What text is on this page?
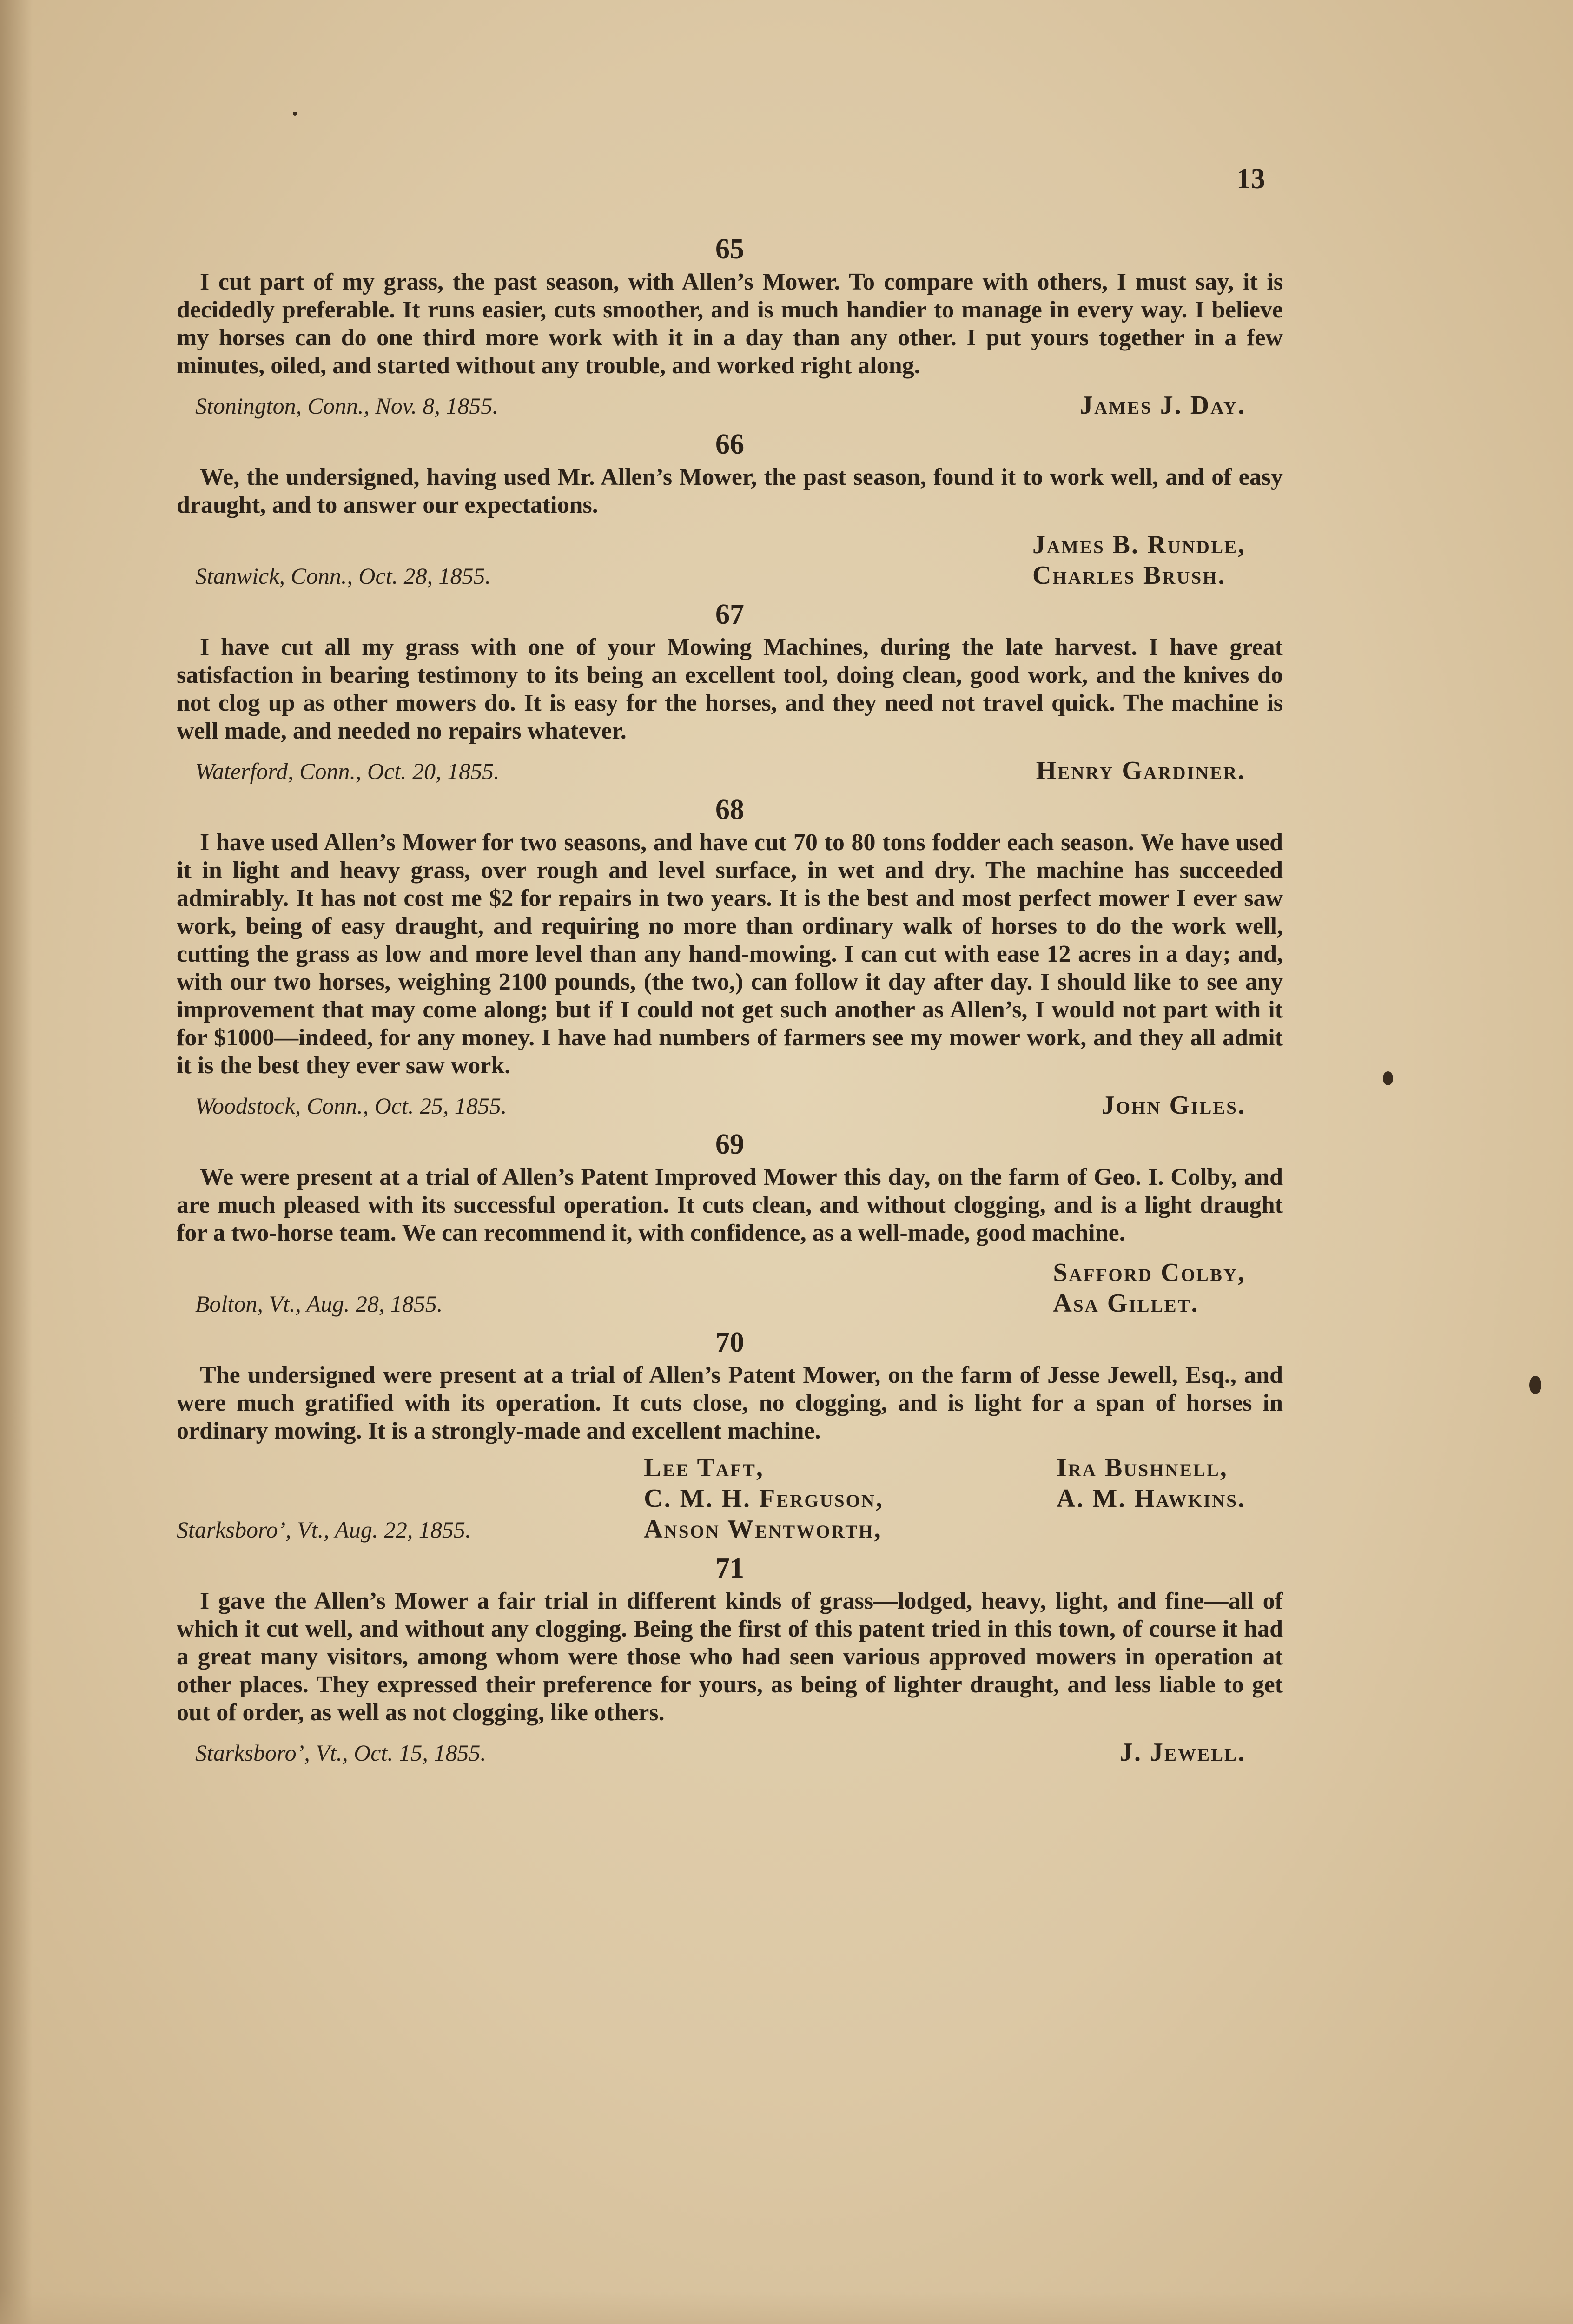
13
65

I cut part of my grass, the past season, with Allen’s Mower. To compare with others, I must say, it is decidedly preferable. It runs easier, cuts smoother, and is much handier to manage in every way. I believe my horses can do one third more work with it in a day than any other. I put yours together in a few minutes, oiled, and started without any trouble, and worked right along.

Stonington, Conn., Nov. 8, 1855.	James J. Day.
66

We, the undersigned, having used Mr. Allen’s Mower, the past season, found it to work well, and of easy draught, and to answer our expectations.

Stanwick, Conn., Oct. 28, 1855.
James B. Rundle,
Charles Brush.
67

I have cut all my grass with one of your Mowing Machines, during the late harvest. I have great satisfaction in bearing testimony to its being an excellent tool, doing clean, good work, and the knives do not clog up as other mowers do. It is easy for the horses, and they need not travel quick. The machine is well made, and needed no repairs whatever.

Waterford, Conn., Oct. 20, 1855.	Henry Gardiner.
68

I have used Allen’s Mower for two seasons, and have cut 70 to 80 tons fodder each season. We have used it in light and heavy grass, over rough and level surface, in wet and dry. The machine has succeeded admirably. It has not cost me $2 for repairs in two years. It is the best and most perfect mower I ever saw work, being of easy draught, and requiring no more than ordinary walk of horses to do the work well, cutting the grass as low and more level than any hand-mowing. I can cut with ease 12 acres in a day; and, with our two horses, weighing 2100 pounds, (the two,) can follow it day after day. I should like to see any improvement that may come along; but if I could not get such another as Allen’s, I would not part with it for $1000—indeed, for any money. I have had numbers of farmers see my mower work, and they all admit it is the best they ever saw work.

Woodstock, Conn., Oct. 25, 1855.	John Giles.
69

We were present at a trial of Allen’s Patent Improved Mower this day, on the farm of Geo. I. Colby, and are much pleased with its successful operation. It cuts clean, and without clogging, and is a light draught for a two-horse team. We can recommend it, with confidence, as a well-made, good machine.

Bolton, Vt., Aug. 28, 1855.
Safford Colby,
Asa Gillet.
70

The undersigned were present at a trial of Allen’s Patent Mower, on the farm of Jesse Jewell, Esq., and were much gratified with its operation. It cuts close, no clogging, and is light for a span of horses in ordinary mowing. It is a strongly-made and excellent machine.

Starksboro’, Vt., Aug. 22, 1855.
Lee Taft,
C. M. H. Ferguson,
Anson Wentworth,
Ira Bushnell,
A. M. Hawkins.
71

I gave the Allen’s Mower a fair trial in different kinds of grass—lodged, heavy, light, and fine—all of which it cut well, and without any clogging. Being the first of this patent tried in this town, of course it had a great many visitors, among whom were those who had seen various approved mowers in operation at other places. They expressed their preference for yours, as being of lighter draught, and less liable to get out of order, as well as not clogging, like others.

Starksboro’, Vt., Oct. 15, 1855.	J. Jewell.
